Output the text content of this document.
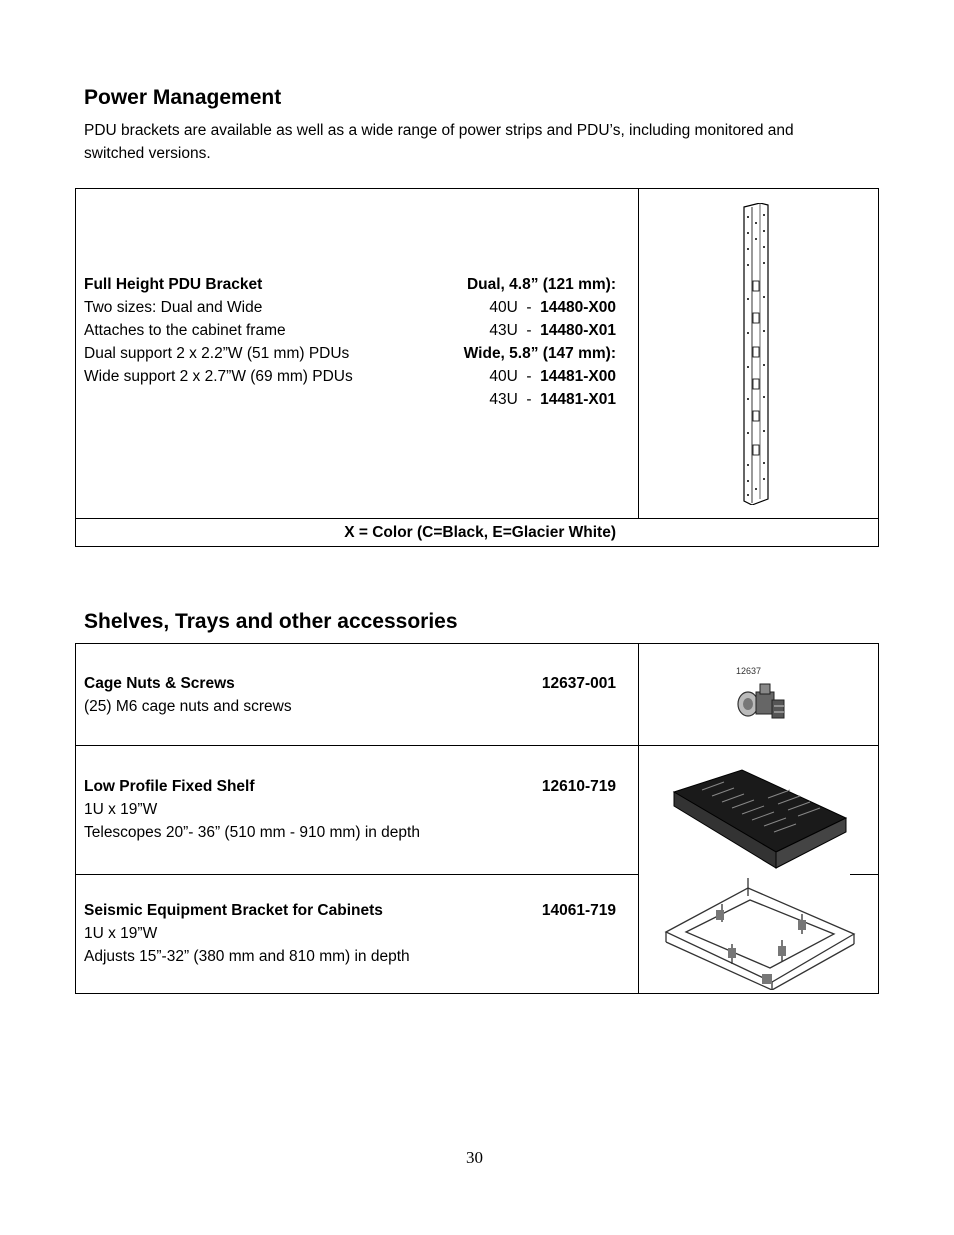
Power Management
PDU brackets are available as well as a wide range of power strips and PDU’s, including monitored and
switched versions.
Full Height PDU Bracket
Two sizes: Dual and Wide
Attaches to the cabinet frame
Dual support 2 x 2.2”W (51 mm) PDUs
Wide support 2 x 2.7”W (69 mm) PDUs
Dual, 4.8” (121 mm):
40U  -  14480-X00
43U  -  14480-X01
Wide, 5.8” (147 mm):
40U  -  14481-X00
43U  -  14481-X01
X = Color (C=Black, E=Glacier White)
Shelves, Trays and other accessories
Cage Nuts & Screws
(25) M6 cage nuts and screws
12637-001
12637
Low Profile Fixed Shelf
1U x 19”W
Telescopes 20”- 36” (510 mm - 910 mm) in depth
12610-719
Seismic Equipment Bracket for Cabinets
1U x 19”W
Adjusts 15”-32” (380 mm and 810 mm) in depth
14061-719
30
